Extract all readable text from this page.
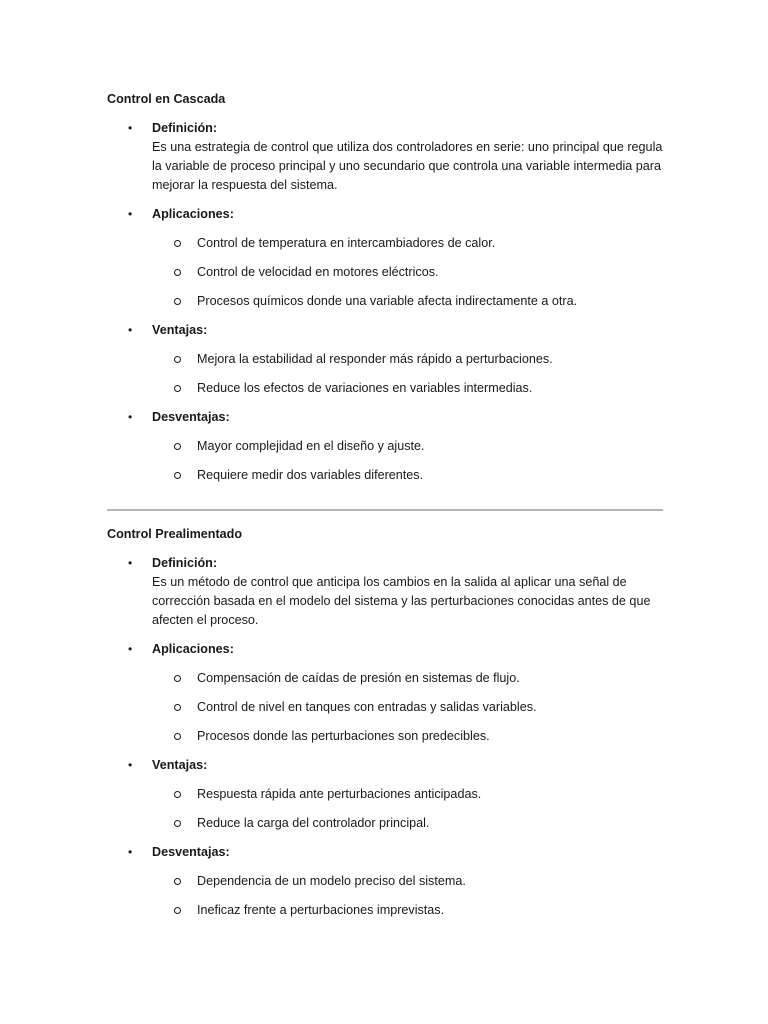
Control en Cascada
• Definición:
Es una estrategia de control que utiliza dos controladores en serie: uno principal que regula la variable de proceso principal y uno secundario que controla una variable intermedia para mejorar la respuesta del sistema.
• Aplicaciones:
Control de temperatura en intercambiadores de calor.
Control de velocidad en motores eléctricos.
Procesos químicos donde una variable afecta indirectamente a otra.
• Ventajas:
Mejora la estabilidad al responder más rápido a perturbaciones.
Reduce los efectos de variaciones en variables intermedias.
• Desventajas:
Mayor complejidad en el diseño y ajuste.
Requiere medir dos variables diferentes.
Control Prealimentado
• Definición:
Es un método de control que anticipa los cambios en la salida al aplicar una señal de corrección basada en el modelo del sistema y las perturbaciones conocidas antes de que afecten el proceso.
• Aplicaciones:
Compensación de caídas de presión en sistemas de flujo.
Control de nivel en tanques con entradas y salidas variables.
Procesos donde las perturbaciones son predecibles.
• Ventajas:
Respuesta rápida ante perturbaciones anticipadas.
Reduce la carga del controlador principal.
• Desventajas:
Dependencia de un modelo preciso del sistema.
Ineficaz frente a perturbaciones imprevistas.
